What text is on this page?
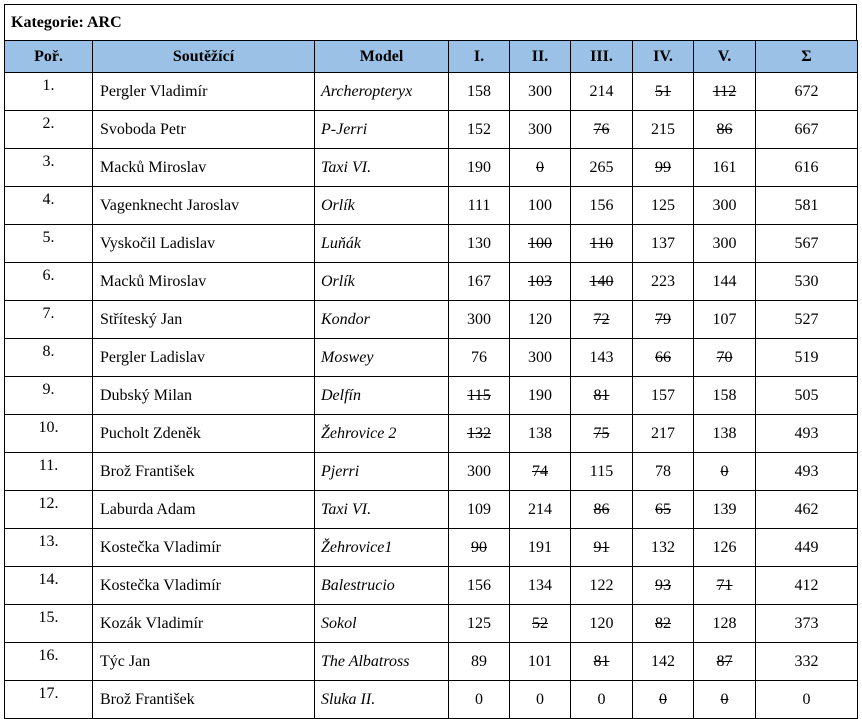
Kategorie: ARC
Poř.	Soutěžící	Model	I.	II.	III.	IV.	V.	Σ
1.	Pergler Vladimír	Archeropteryx	158	300	214	51	112	672
2.	Svoboda Petr	P-Jerri	152	300	76	215	86	667
3.	Macků Miroslav	Taxi VI.	190	0	265	99	161	616
4.	Vagenknecht Jaroslav	Orlík	111	100	156	125	300	581
5.	Vyskočil Ladislav	Luňák	130	100	110	137	300	567
6.	Macků Miroslav	Orlík	167	103	140	223	144	530
7.	Stříteský Jan	Kondor	300	120	72	79	107	527
8.	Pergler Ladislav	Moswey	76	300	143	66	70	519
9.	Dubský Milan	Delfín	115	190	81	157	158	505
10.	Pucholt Zdeněk	Žehrovice 2	132	138	75	217	138	493
11.	Brož František	Pjerri	300	74	115	78	0	493
12.	Laburda Adam	Taxi VI.	109	214	86	65	139	462
13.	Kostečka Vladimír	Žehrovice1	90	191	91	132	126	449
14.	Kostečka Vladimír	Balestrucio	156	134	122	93	71	412
15.	Kozák Vladimír	Sokol	125	52	120	82	128	373
16.	Týc Jan	The Albatross	89	101	81	142	87	332
17.	Brož František	Sluka II.	0	0	0	0	0	0
